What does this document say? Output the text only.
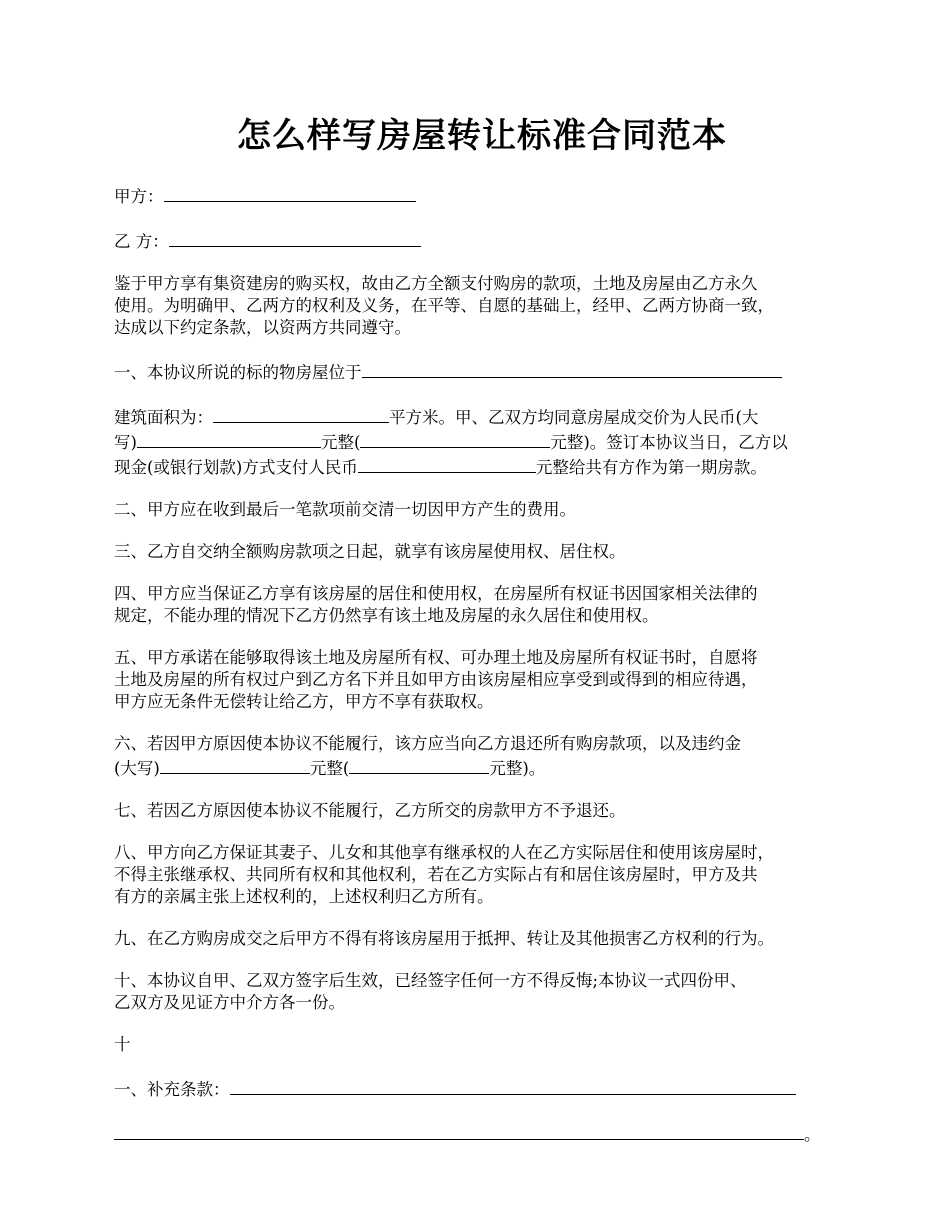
怎么样写房屋转让标准合同范本

甲方：

乙 方：

鉴于甲方享有集资建房的购买权，故由乙方全额支付购房的款项，土地及房屋由乙方永久

使用。为明确甲、乙两方的权利及义务，在平等、自愿的基础上，经甲、乙两方协商一致，

达成以下约定条款，以资两方共同遵守。

一、本协议所说的标的物房屋位于

建筑面积为：	平方米。甲、乙双方均同意房屋成交价为人民币(大

写)	元整(	元整)。签订本协议当日，乙方以

现金(或银行划款)方式支付人民币	元整给共有方作为第一期房款。

二、甲方应在收到最后一笔款项前交清一切因甲方产生的费用。

三、乙方自交纳全额购房款项之日起，就享有该房屋使用权、居住权。

四、甲方应当保证乙方享有该房屋的居住和使用权，在房屋所有权证书因国家相关法律的

规定，不能办理的情况下乙方仍然享有该土地及房屋的永久居住和使用权。

五、甲方承诺在能够取得该土地及房屋所有权、可办理土地及房屋所有权证书时，自愿将

土地及房屋的所有权过户到乙方名下并且如甲方由该房屋相应享受到或得到的相应待遇，

甲方应无条件无偿转让给乙方，甲方不享有获取权。

六、若因甲方原因使本协议不能履行，该方应当向乙方退还所有购房款项，以及违约金

(大写)	元整(	元整)。

七、若因乙方原因使本协议不能履行，乙方所交的房款甲方不予退还。

八、甲方向乙方保证其妻子、儿女和其他享有继承权的人在乙方实际居住和使用该房屋时，

不得主张继承权、共同所有权和其他权利，若在乙方实际占有和居住该房屋时，甲方及共

有方的亲属主张上述权利的，上述权利归乙方所有。

九、在乙方购房成交之后甲方不得有将该房屋用于抵押、转让及其他损害乙方权利的行为。

十、本协议自甲、乙双方签字后生效，已经签字任何一方不得反悔;本协议一式四份甲、

乙双方及见证方中介方各一份。

十

一、补充条款：

。
